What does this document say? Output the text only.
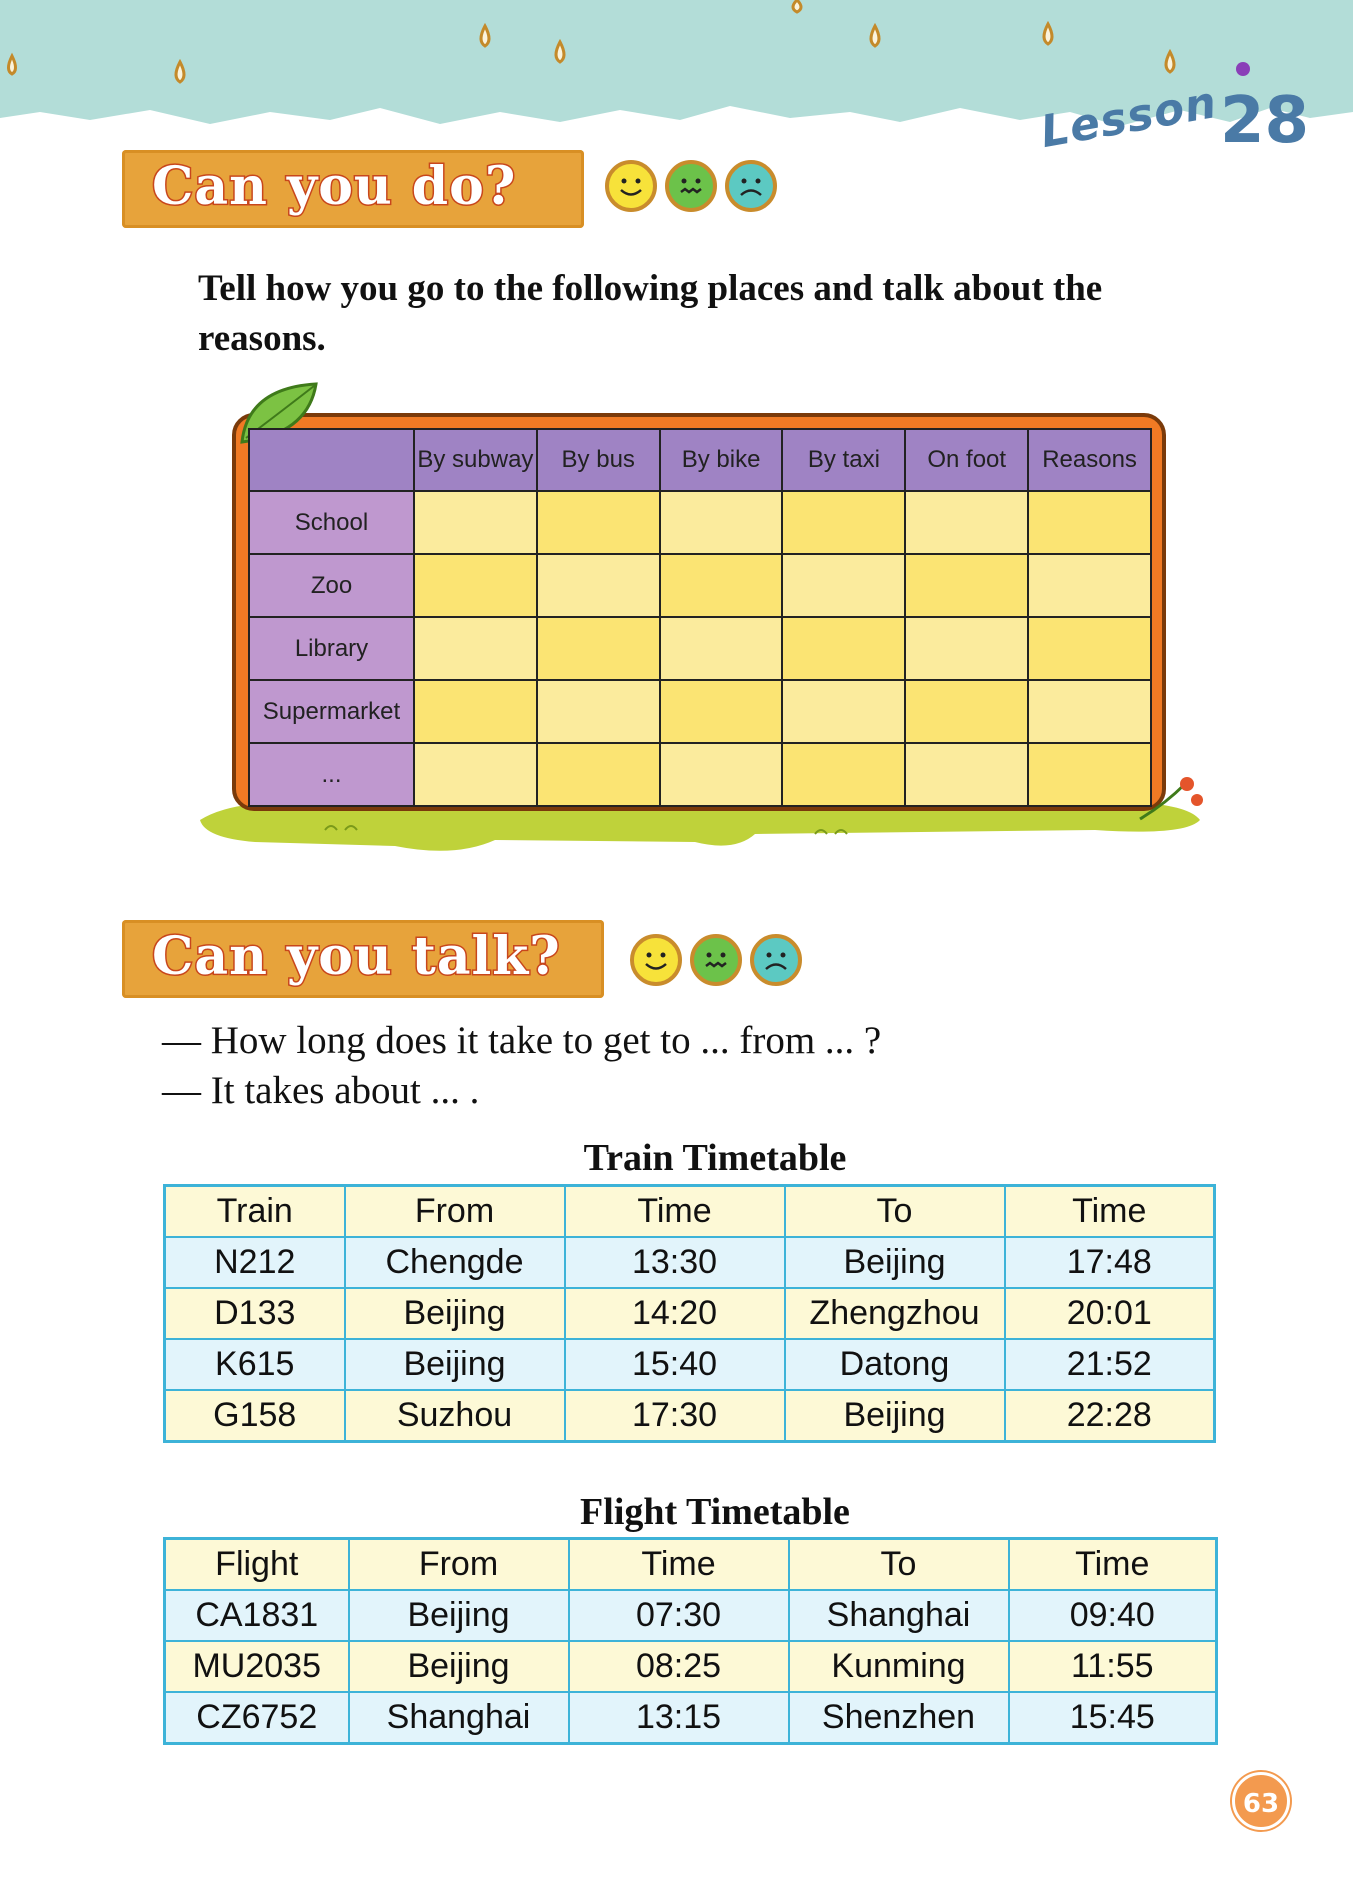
Lesson 28
Can you do?
Tell how you go to the following places and talk about the reasons.
	By subway	By bus	By bike	By taxi	On foot	Reasons
School						
Zoo						
Library						
Supermarket						
...						
Can you talk?
— How long does it take to get to ... from ... ?
— It takes about ... .
Train Timetable
Train	From	Time	To	Time
N212	Chengde	13:30	Beijing	17:48
D133	Beijing	14:20	Zhengzhou	20:01
K615	Beijing	15:40	Datong	21:52
G158	Suzhou	17:30	Beijing	22:28
Flight Timetable
Flight	From	Time	To	Time
CA1831	Beijing	07:30	Shanghai	09:40
MU2035	Beijing	08:25	Kunming	11:55
CZ6752	Shanghai	13:15	Shenzhen	15:45
63
